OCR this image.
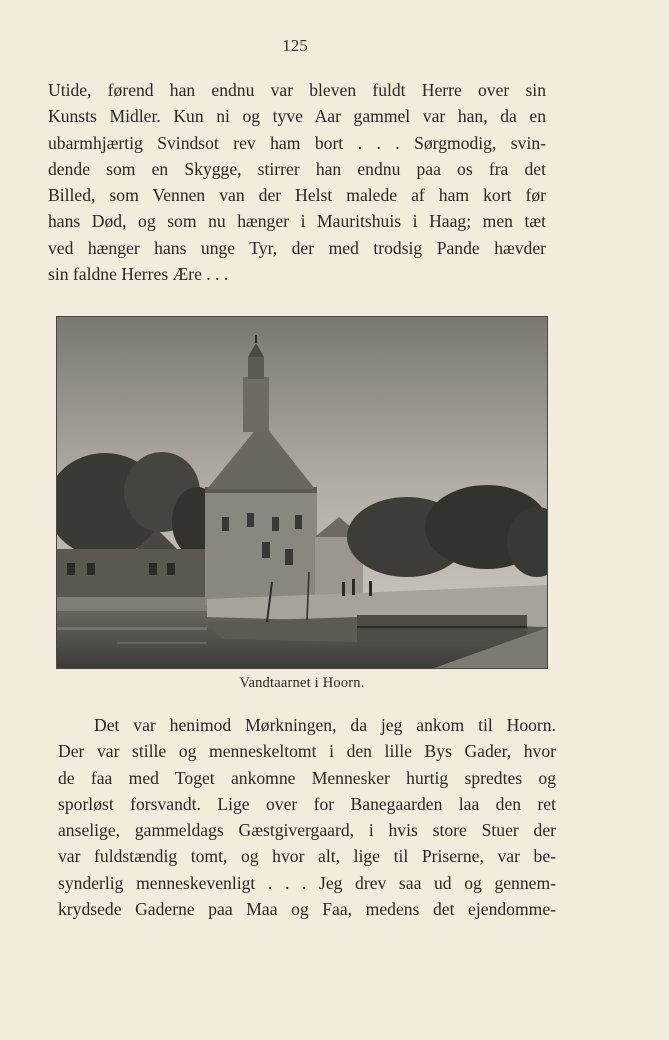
125
Utide, førend han endnu var bleven fuldt Herre over sin
Kunsts Midler. Kun ni og tyve Aar gammel var han, da en
ubarmhjærtig Svindsot rev ham bort . . . Sørgmodig, svin-
dende som en Skygge, stirrer han endnu paa os fra det
Billed, som Vennen van der Helst malede af ham kort før
hans Død, og som nu hænger i Mauritshuis i Haag; men tæt
ved hænger hans unge Tyr, der med trodsig Pande hævder
sin faldne Herres Ære . . .
Vandtaarnet i Hoorn.
Det var henimod Mørkningen, da jeg ankom til Hoorn.
Der var stille og menneskeltomt i den lille Bys Gader, hvor
de faa med Toget ankomne Mennesker hurtig spredtes og
sporløst forsvandt. Lige over for Banegaarden laa den ret
anselige, gammeldags Gæstgivergaard, i hvis store Stuer der
var fuldstændig tomt, og hvor alt, lige til Priserne, var be-
synderlig menneskevenligt . . . Jeg drev saa ud og gennem-
krydsede Gaderne paa Maa og Faa, medens det ejendomme-
